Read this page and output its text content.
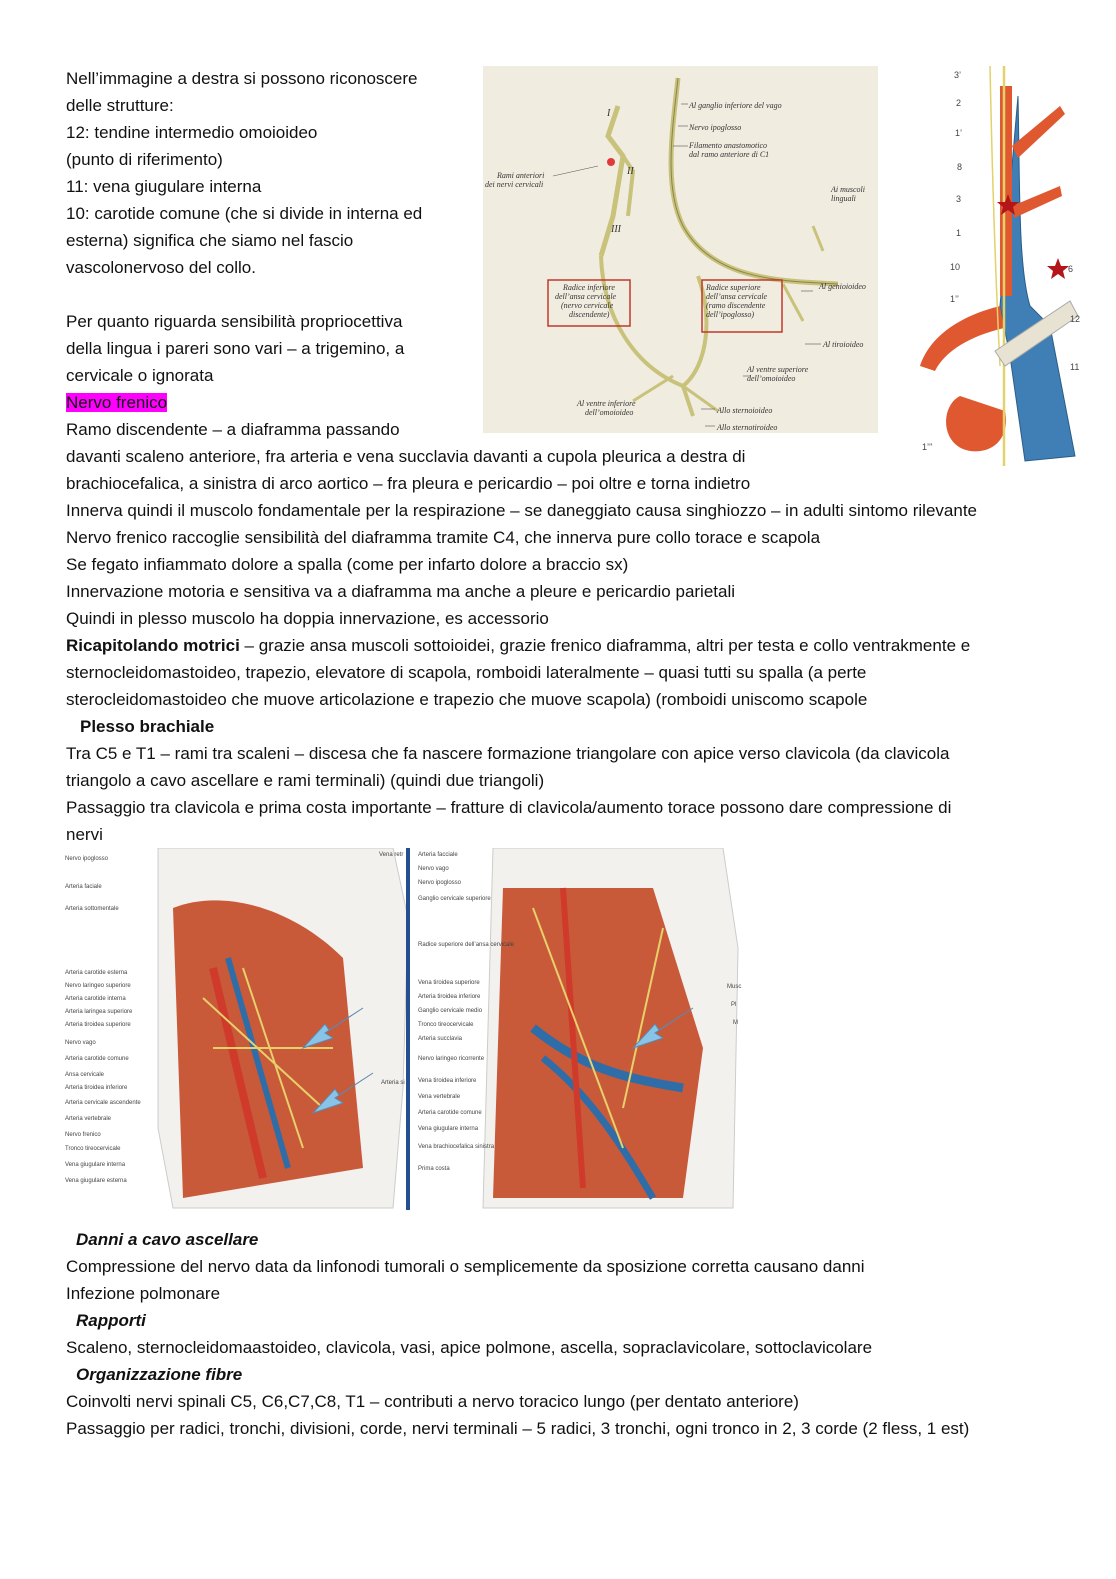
Nell’immagine a destra si possono riconoscere
delle strutture:
12: tendine intermedio omoioideo
(punto di riferimento)
11: vena giugulare interna
10: carotide comune (che si divide in interna ed
esterna) significa che siamo nel fascio
vascolonervoso del collo.
Per quanto riguarda sensibilità propriocettiva
della lingua i pareri sono vari – a trigemino, a
cervicale o ignorata
Nervo frenico
Ramo discendente – a diaframma passando
davanti scaleno anteriore, fra arteria e vena succlavia davanti a cupola pleurica a destra di
brachiocefalica, a sinistra di arco aortico – fra pleura e pericardio – poi oltre e torna indietro
Innerva quindi il muscolo fondamentale per la respirazione – se daneggiato causa singhiozzo – in adulti sintomo rilevante
Nervo frenico raccoglie sensibilità del diaframma tramite C4, che innerva pure collo torace e scapola
Se fegato infiammato dolore a spalla (come per infarto dolore a braccio sx)
Innervazione motoria e sensitiva va a diaframma ma anche a pleure e pericardio parietali
Quindi in plesso muscolo ha doppia innervazione, es accessorio
Ricapitolando motrici – grazie ansa muscoli sottoioidei, grazie frenico diaframma, altri per testa e collo ventrakmente e
sternocleidomastoideo, trapezio, elevatore di scapola, romboidi lateralmente – quasi tutti su spalla (a perte
sterocleidomastoideo che muove articolazione e trapezio che muove scapola) (romboidi uniscomo scapole
Plesso brachiale
Tra C5 e T1 – rami tra scaleni – discesa che fa nascere formazione triangolare con apice verso clavicola (da clavicola
triangolo a cavo ascellare e rami terminali) (quindi due triangoli)
Passaggio tra clavicola e prima costa importante – fratture di clavicola/aumento torace possono dare compressione di
nervi
Danni a cavo ascellare
Compressione del nervo data da linfonodi tumorali o semplicemente da sposizione corretta causano danni
Infezione polmonare
Rapporti
Scaleno, sternocleidomaastoideo, clavicola, vasi, apice polmone, ascella, sopraclavicolare, sottoclavicolare
Organizzazione fibre
Coinvolti nervi spinali C5, C6,C7,C8, T1 – contributi a nervo toracico lungo (per dentato anteriore)
Passaggio per radici, tronchi, divisioni, corde, nervi terminali – 5 radici, 3 tronchi, ogni tronco in 2, 3 corde (2 fless, 1 est)
Al ganglio inferiore del vago
Nervo ipoglosso
Filamento anastomotico
dal ramo anteriore di C1
Rami anteriori
dei nervi cervicali
Ai muscoli
linguali
Al genioioideo
Al tiroioideo
Al ventre superiore
dell’omoioideo
Allo sternoioideo
Allo sternotiroideo
Al ventre inferiore
dell’omoioideo
Radice inferiore
dell’ansa cervicale
(nervo cervicale
discendente)
Radice superiore
dell’ansa cervicale
(ramo discendente
dell’ipoglosso)
I
II
III
3’
2
1’
8
3
1
10
1’’
6
12
11
1’’’
Nervo ipoglosso
Arteria faciale
Arteria sottomentale
Arteria carotide esterna
Nervo laringeo superiore
Arteria carotide interna
Arteria laringea superiore
Arteria tiroidea superiore
Nervo vago
Arteria carotide comune
Ansa cervicale
Arteria tiroidea inferiore
Arteria cervicale ascendente
Arteria vertebrale
Nervo frenico
Tronco tireocervicale
Vena giugulare interna
Vena giugulare esterna
Arteria facciale
Nervo vago
Nervo ipoglosso
Ganglio cervicale superiore
Radice superiore dell’ansa cervicale
Vena tiroidea superiore
Arteria tiroidea inferiore
Ganglio cervicale medio
Tronco tireocervicale
Arteria succlavia
Nervo laringeo ricorrente
Vena tiroidea inferiore
Vena vertebrale
Arteria carotide comune
Vena giugulare interna
Vena brachiocefalica sinistra
Prima costa
Vena retr
Arteria si
Musc
Pl
M
